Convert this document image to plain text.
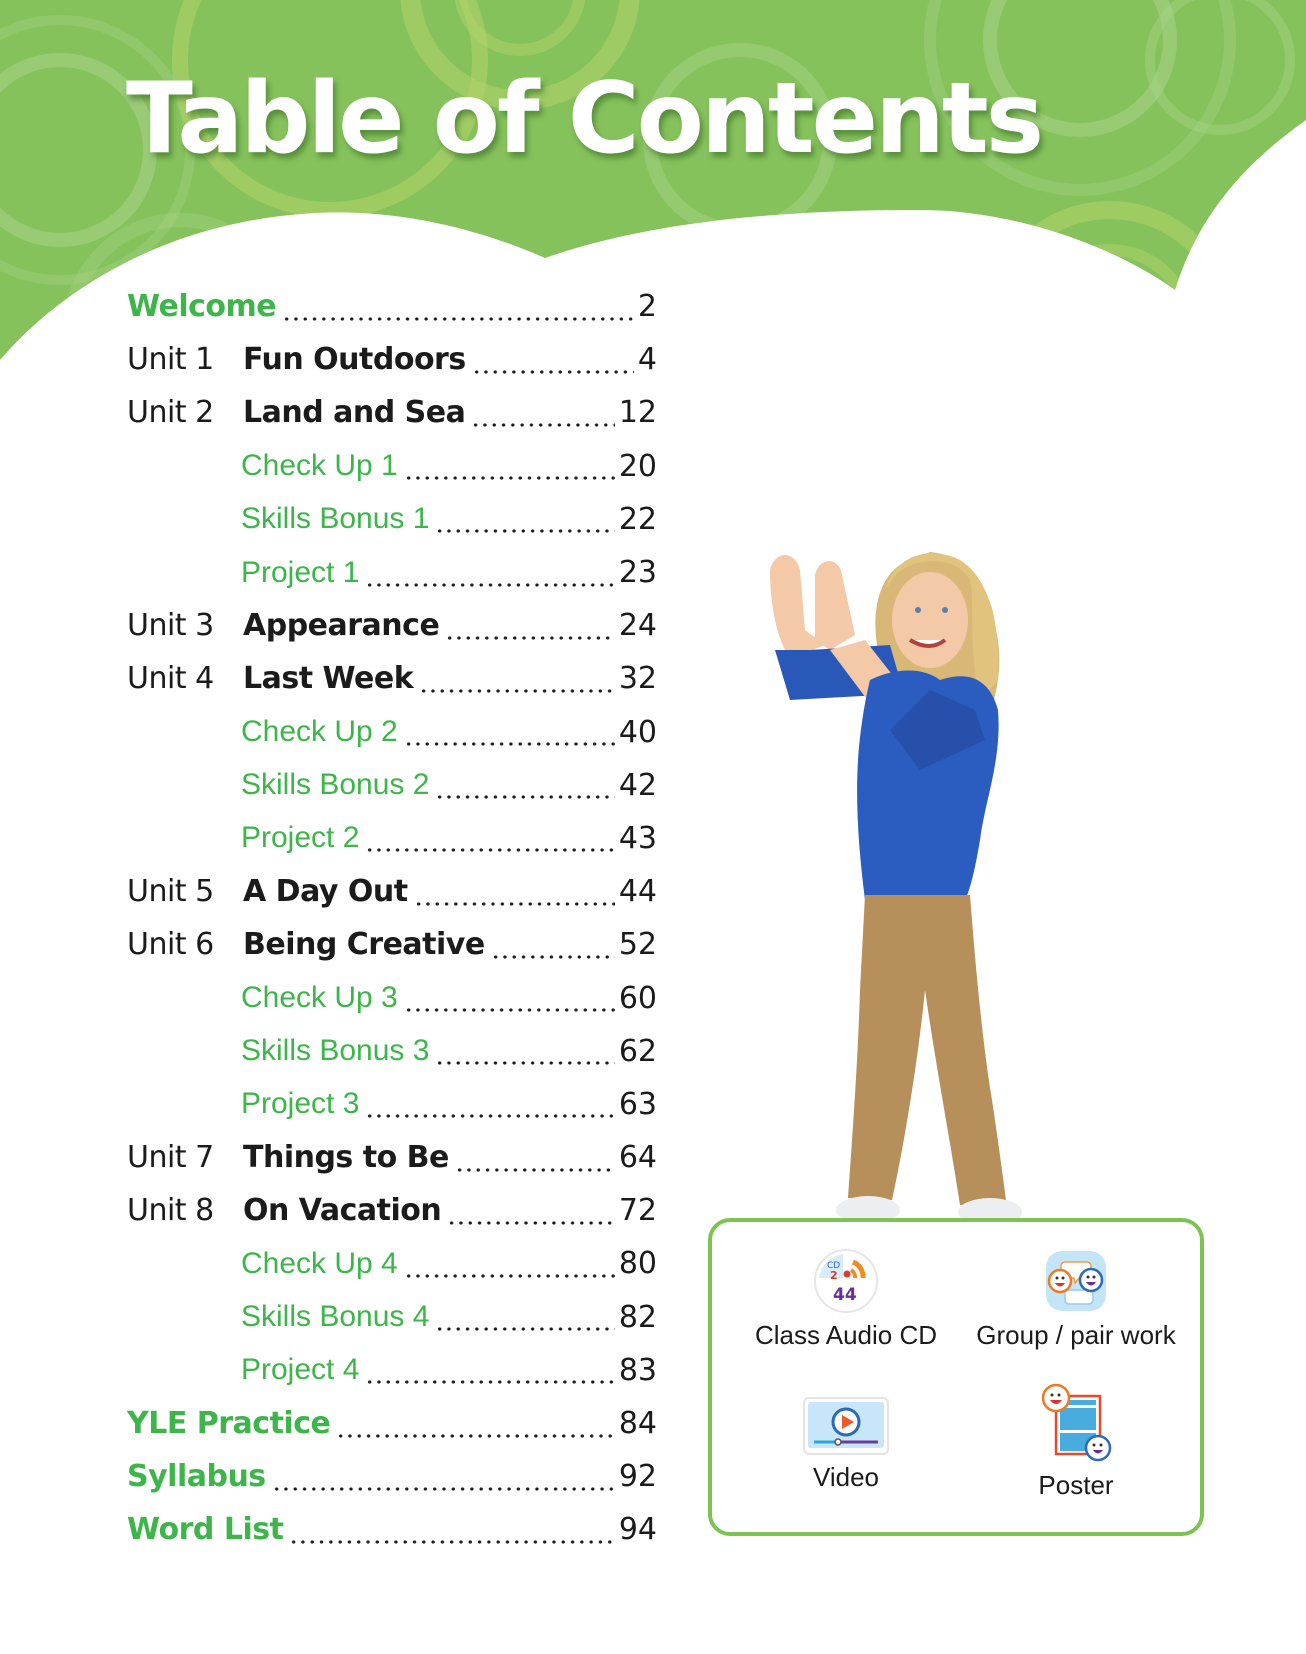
Table of Contents
Welcome	2
Unit 1 Fun Outdoors	4
Unit 2 Land and Sea	12
Check Up 1	20
Skills Bonus 1	22
Project 1	23
Unit 3 Appearance	24
Unit 4 Last Week	32
Check Up 2	40
Skills Bonus 2	42
Project 2	43
Unit 5 A Day Out	44
Unit 6 Being Creative	52
Check Up 3	60
Skills Bonus 3	62
Project 3	63
Unit 7 Things to Be	64
Unit 8 On Vacation	72
Check Up 4	80
Skills Bonus 4	82
Project 4	83
YLE Practice	84
Syllabus	92
Word List	94
CD
2
44
Class Audio CD	Group / pair work
Video	Poster
